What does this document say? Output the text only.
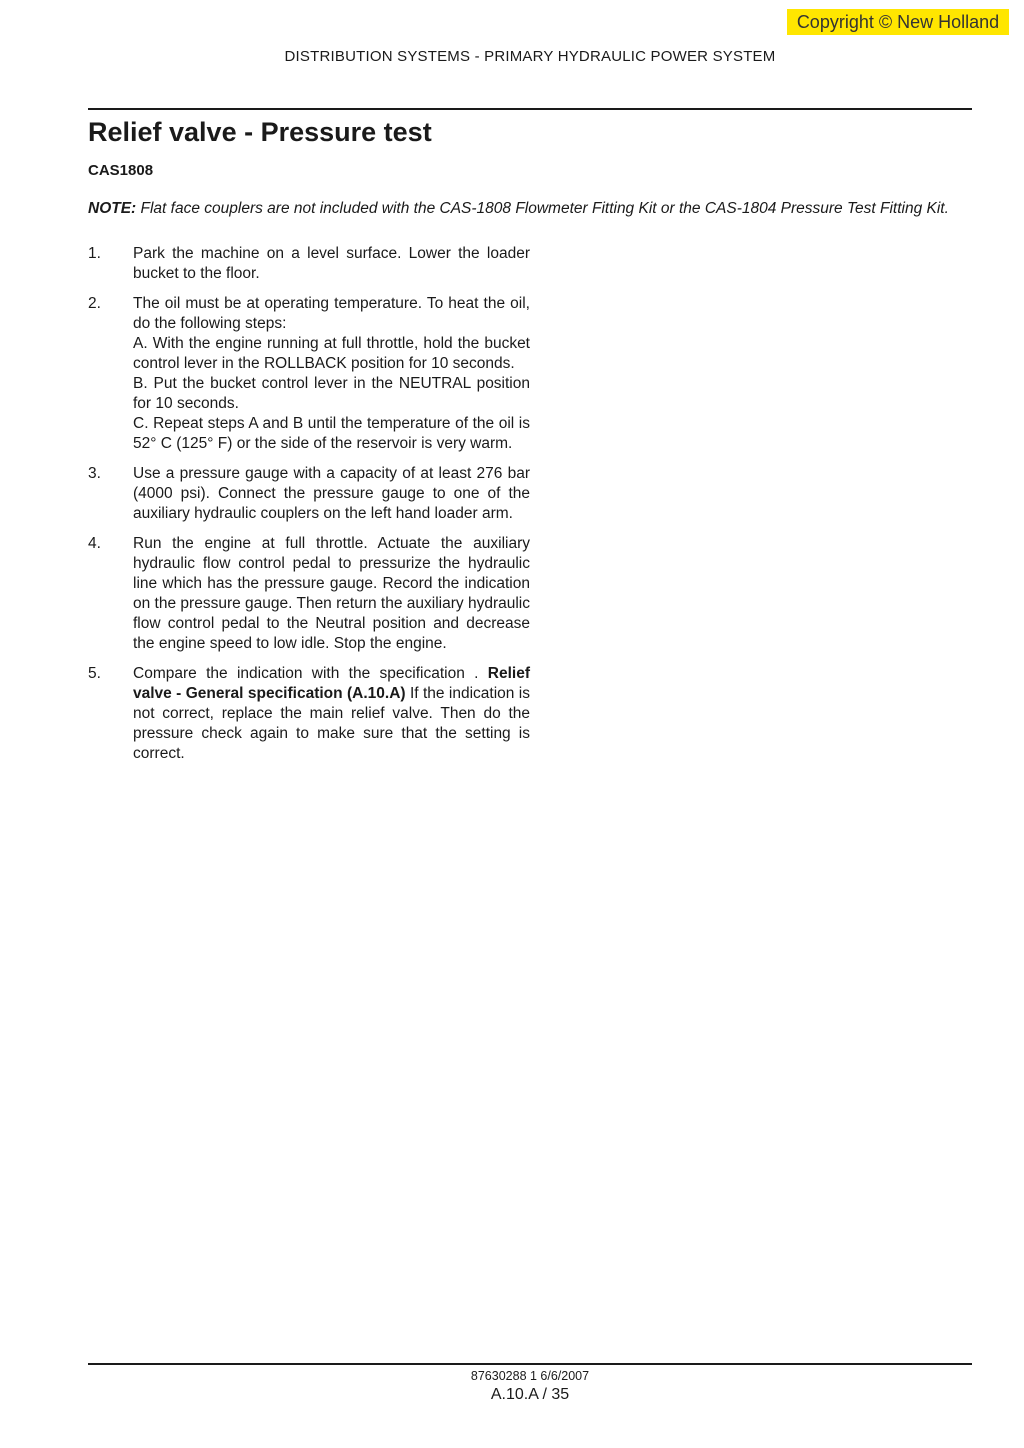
Copyright © New Holland
DISTRIBUTION SYSTEMS - PRIMARY HYDRAULIC POWER SYSTEM
Relief valve - Pressure test
CAS1808
NOTE: Flat face couplers are not included with the CAS-1808 Flowmeter Fitting Kit or the CAS-1804 Pressure Test Fitting Kit.
1.	Park the machine on a level surface. Lower the loader bucket to the floor.
2.	The oil must be at operating temperature. To heat the oil, do the following steps:
A. With the engine running at full throttle, hold the bucket control lever in the ROLLBACK position for 10 seconds.
B. Put the bucket control lever in the NEUTRAL position for 10 seconds.
C. Repeat steps A and B until the temperature of the oil is 52° C (125° F) or the side of the reservoir is very warm.
3.	Use a pressure gauge with a capacity of at least 276 bar (4000 psi). Connect the pressure gauge to one of the auxiliary hydraulic couplers on the left hand loader arm.
4.	Run the engine at full throttle. Actuate the auxiliary hydraulic flow control pedal to pressurize the hydraulic line which has the pressure gauge. Record the indication on the pressure gauge. Then return the auxiliary hydraulic flow control pedal to the Neutral position and decrease the engine speed to low idle. Stop the engine.
5.	Compare the indication with the specification . Relief valve - General specification (A.10.A) If the indication is not correct, replace the main relief valve. Then do the pressure check again to make sure that the setting is correct.
87630288 1 6/6/2007
A.10.A / 35
